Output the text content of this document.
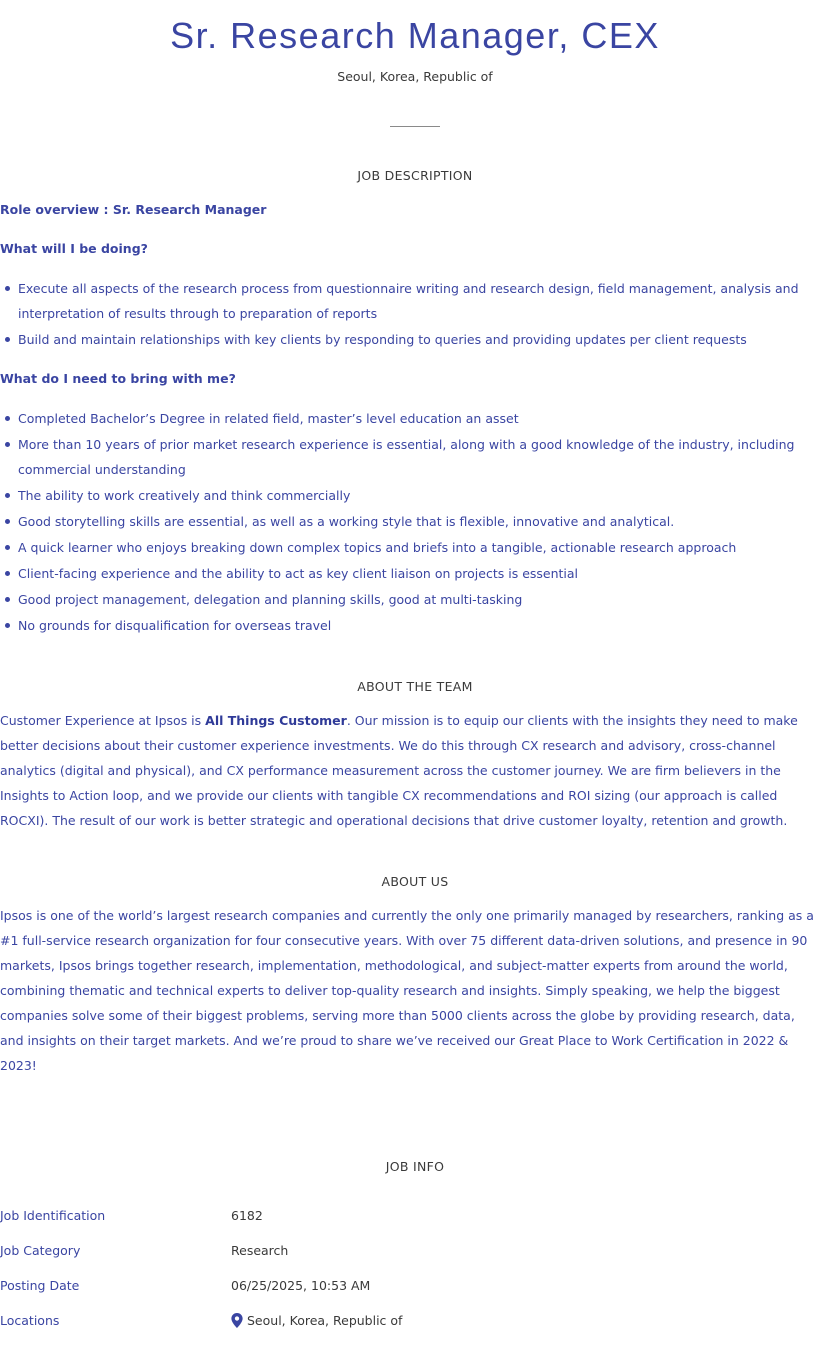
Sr. Research Manager, CEX
Seoul, Korea, Republic of
JOB DESCRIPTION
Role overview : Sr. Research Manager
What will I be doing?
Execute all aspects of the research process from questionnaire writing and research design, field management, analysis and interpretation of results through to preparation of reports
Build and maintain relationships with key clients by responding to queries and providing updates per client requests
What do I need to bring with me?
Completed Bachelor’s Degree in related field, master’s level education an asset
More than 10 years of prior market research experience is essential, along with a good knowledge of the industry, including commercial understanding
The ability to work creatively and think commercially
Good storytelling skills are essential, as well as a working style that is flexible, innovative and analytical.
A quick learner who enjoys breaking down complex topics and briefs into a tangible, actionable research approach
Client-facing experience and the ability to act as key client liaison on projects is essential
Good project management, delegation and planning skills, good at multi-tasking
No grounds for disqualification for overseas travel
ABOUT THE TEAM

Customer Experience at Ipsos is All Things Customer. Our mission is to equip our clients with the insights they need to make better decisions about their customer experience investments. We do this through CX research and advisory, cross-channel analytics (digital and physical), and CX performance measurement across the customer journey. We are firm believers in the Insights to Action loop, and we provide our clients with tangible CX recommendations and ROI sizing (our approach is called ROCXI). The result of our work is better strategic and operational decisions that drive customer loyalty, retention and growth.

ABOUT US

Ipsos is one of the world’s largest research companies and currently the only one primarily managed by researchers, ranking as a #1 full-service research organization for four consecutive years. With over 75 different data-driven solutions, and presence in 90 markets, Ipsos brings together research, implementation, methodological, and subject-matter experts from around the world, combining thematic and technical experts to deliver top-quality research and insights. Simply speaking, we help the biggest companies solve some of their biggest problems, serving more than 5000 clients across the globe by providing research, data, and insights on their target markets. And we’re proud to share we’ve received our Great Place to Work Certification in 2022 & 2023!

JOB INFO
Job Identification	6182
Job Category	Research
Posting Date	06/25/2025, 10:53 AM
Locations	Seoul, Korea, Republic of
